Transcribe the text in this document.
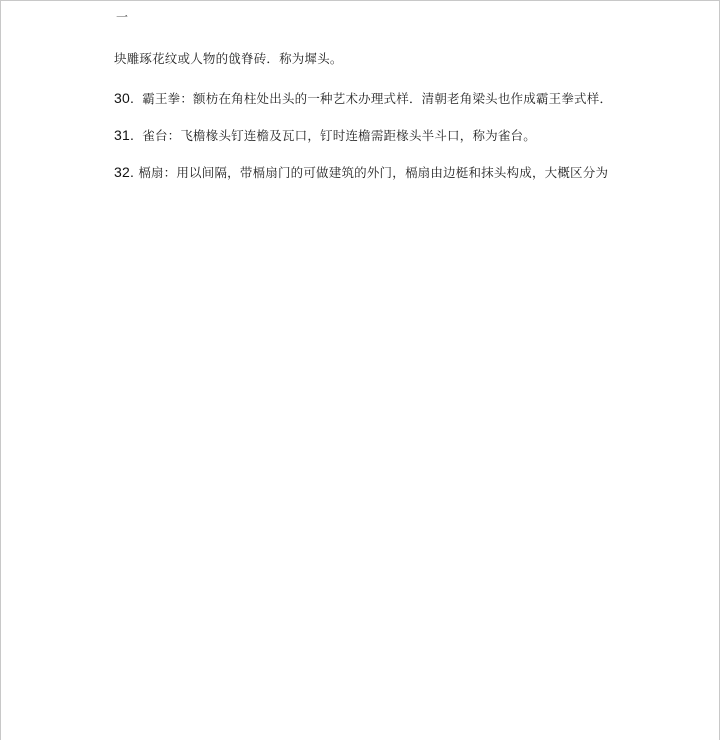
一
块雕琢花纹或人物的戗脊砖．称为墀头。
30. 霸王拳：额枋在角柱处出头的一种艺术办理式样．清朝老角梁头也作成霸王拳式样．
31. 雀台：飞檐椽头钉连檐及瓦口，钉时连檐需距椽头半斗口，称为雀台。
32. 槅扇：用以间隔，带槅扇门的可做建筑的外门，槅扇由边梃和抹头构成，大概区分为
